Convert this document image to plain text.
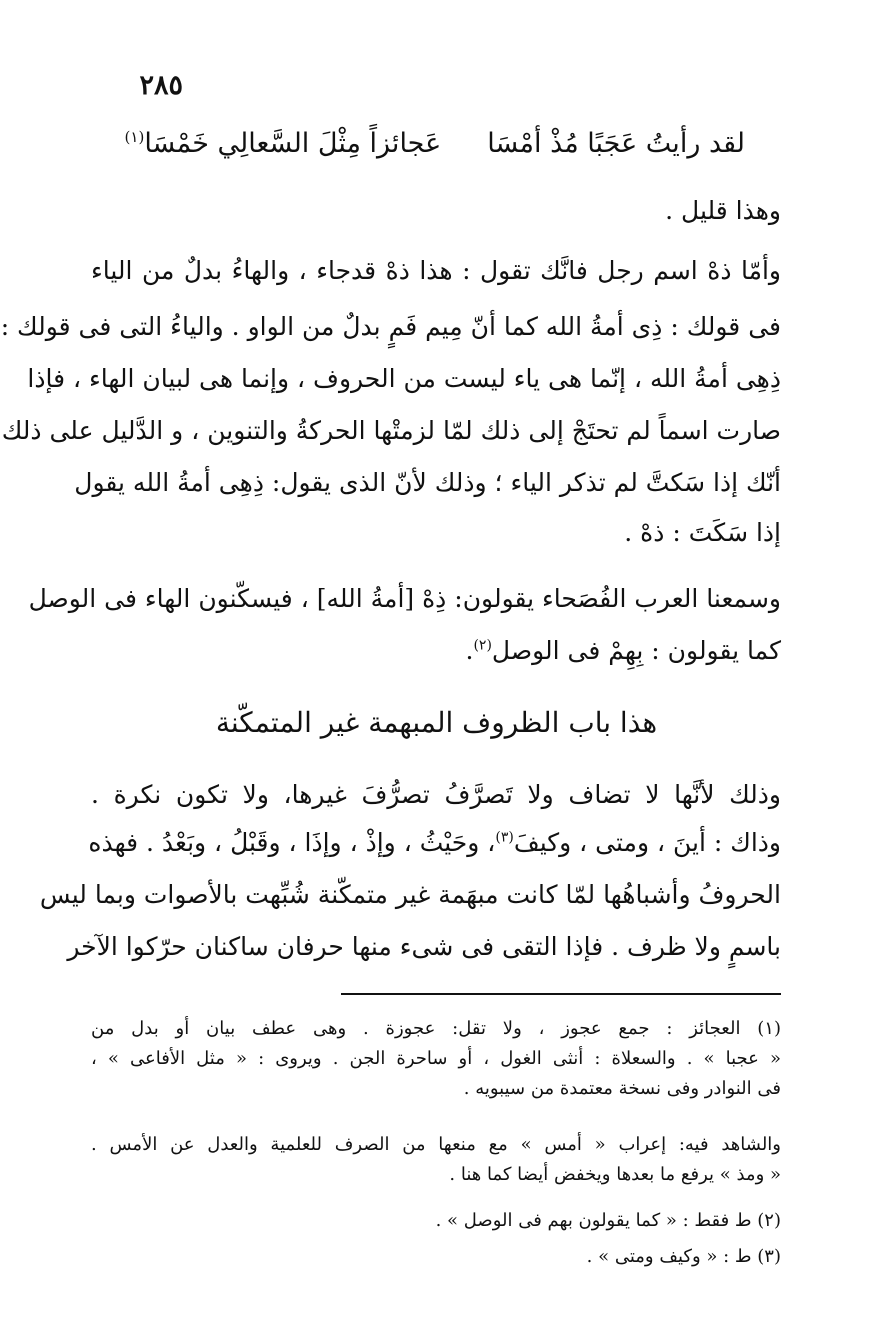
٢٨٥
لقد رأيتُ عَجَبًا مُذْ أمْسَا
عَجائزاً مِثْلَ السَّعالِي خَمْسَا$^{(١)}$
وهذا قليل .
وأمّا ذهْ اسم رجل فانَّك تقول : هذا ذهْ قدجاء ، والهاءُ بدلٌ من الياء
فى قولك : ذِى أمةُ الله كما أنّ مِيم فَمٍ بدلٌ من الواو . والياءُ التى فى قولك :
ذِهِى أمةُ الله ، إنّما هى ياء ليست من الحروف ، وإنما هى لبيان الهاء ، فإذا
صارت اسماً لم تحتَجْ إلى ذلك لمّا لزمتْها الحركةُ والتنوين ، و الدَّليل على ذلك
أنّك إذا سَكتَّ لم تذكر الياء ؛ وذلك لأنّ الذى يقول: ذِهِى أمةُ الله يقول
إذا سَكَتَ : ذهْ .
وسمعنا العرب الفُصَحاء يقولون: ذِهْ [أمةُ الله] ، فيسكّنون الهاء فى الوصل
كما يقولون : بِهِمْ فى الوصل$^{(٢)}$.
هذا باب الظروف المبهمة غير المتمكّنة
وذلك لأنَّها لا تضاف ولا تَصرَّفُ تصرُّفَ غيرها، ولا تكون نكرة .
وذاك : أينَ ، ومتى ، وكيفَ$^{(٣)}$، وحَيْثُ ، وإذْ ، وإذَا ، وقَبْلُ ، وبَعْدُ . فهذه
الحروفُ وأشباهُها لمّا كانت مبهَمة غير متمكّنة شُبِّهت بالأصوات وبما ليس
باسمٍ ولا ظرف . فإذا التقى فى شىء منها حرفان ساكنان حرّكوا الآخر
(١) العجائز : جمع عجوز ، ولا تقل: عجوزة . وهى عطف بيان أو بدل من
« عجبا » . والسعلاة : أنثى الغول ، أو ساحرة الجن . ويروى : « مثل الأفاعى » ،
فى النوادر وفى نسخة معتمدة من سيبويه .
والشاهد فيه: إعراب « أمس » مع منعها من الصرف للعلمية والعدل عن الأمس .
« ومذ » يرفع ما بعدها ويخفض أيضا كما هنا .
(٢) ط فقط : « كما يقولون بهم فى الوصل » .
(٣) ط : « وكيف ومتى » .
